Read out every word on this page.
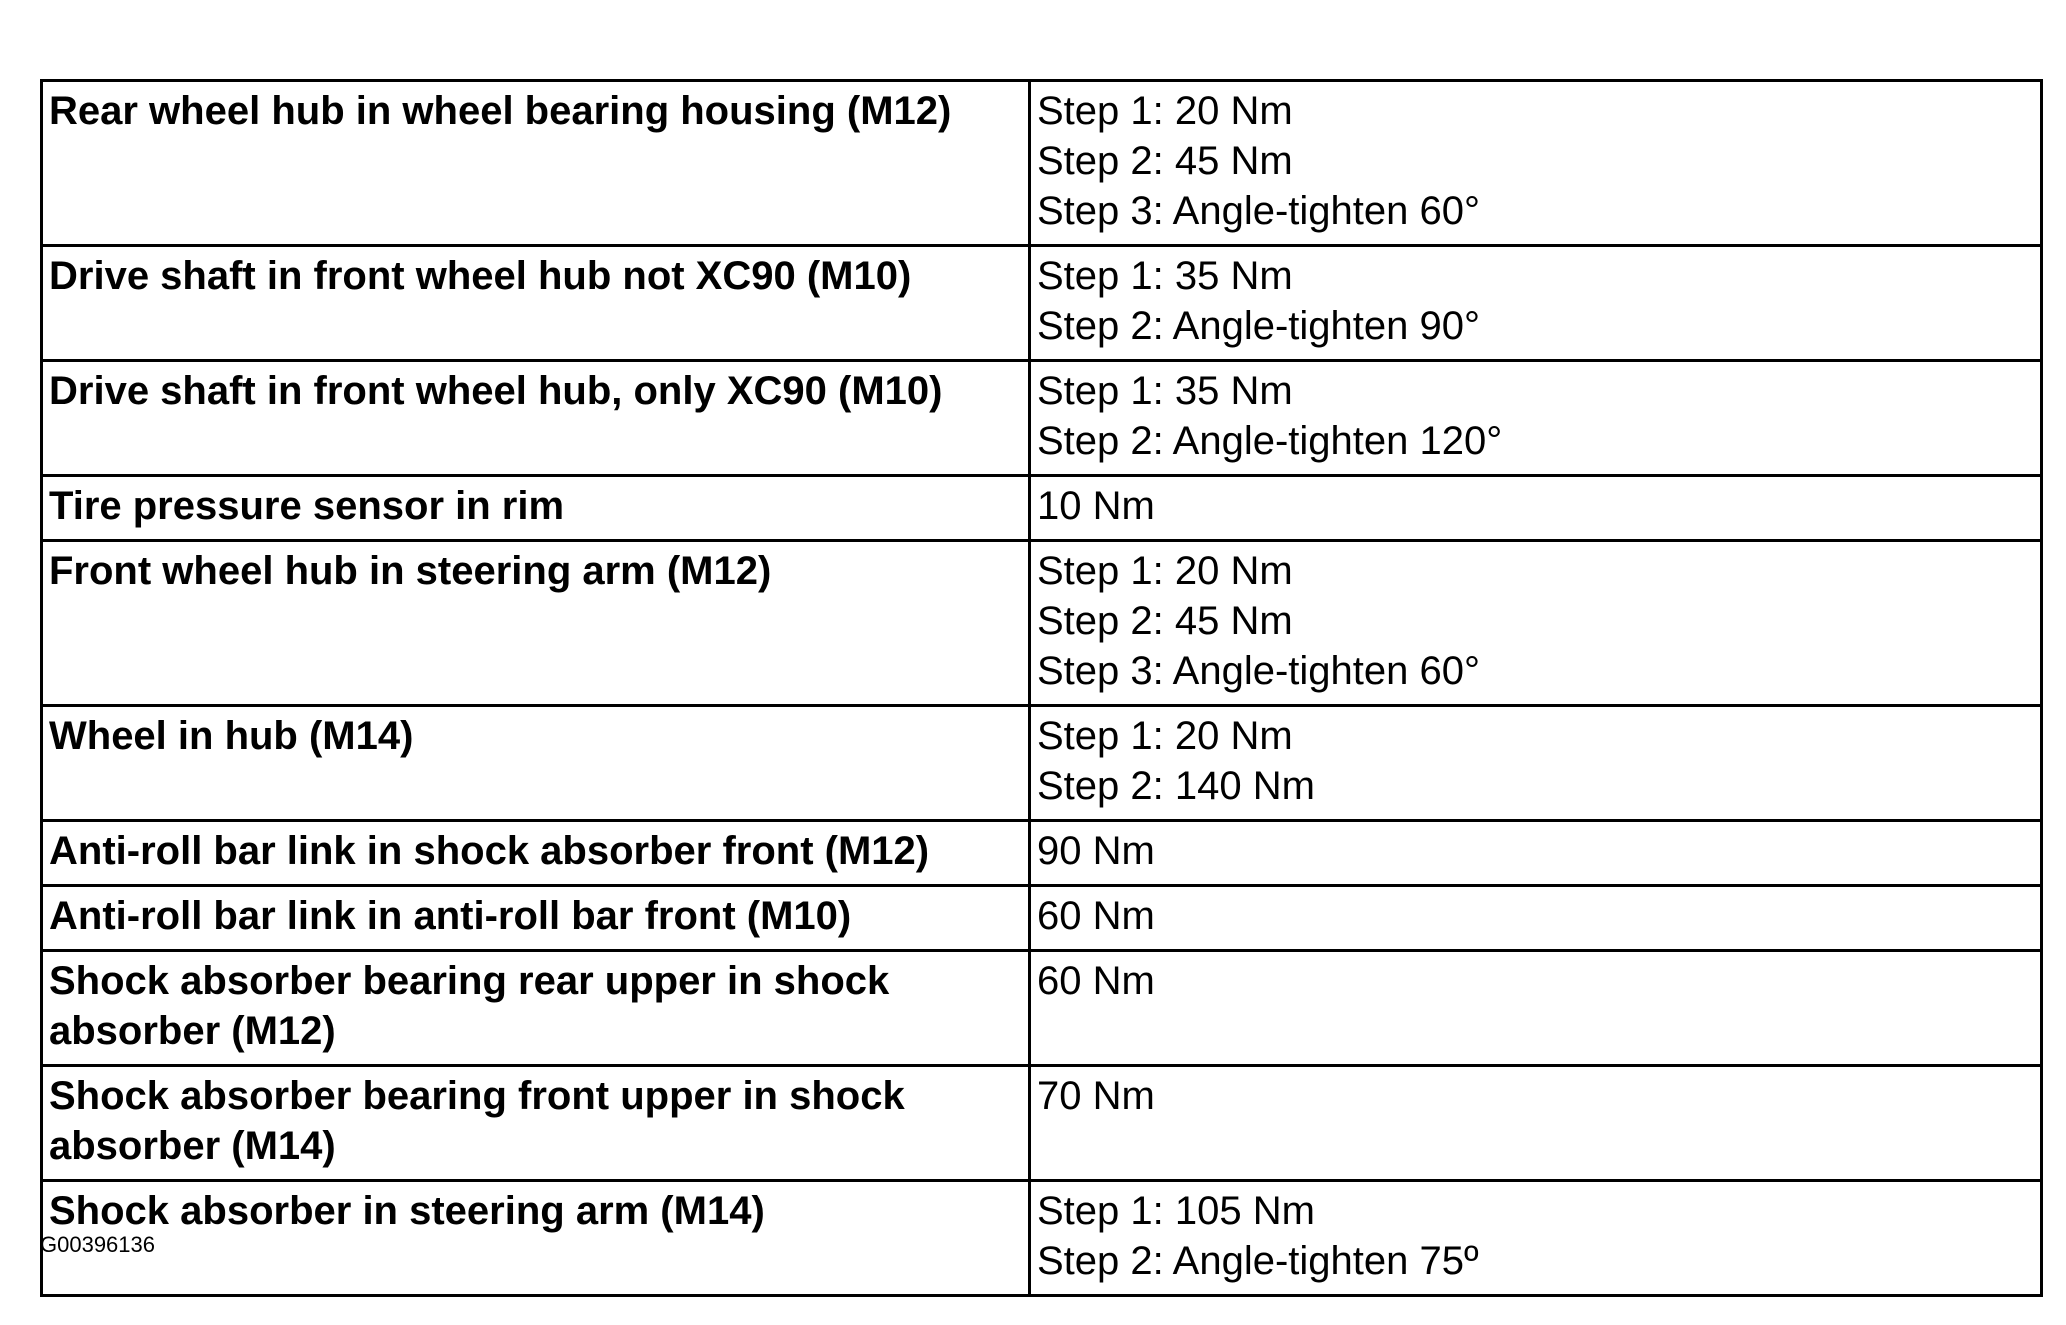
Rear wheel hub in wheel bearing housing (M12)	Step 1: 20 Nm
Step 2: 45 Nm
Step 3: Angle-tighten 60°

Drive shaft in front wheel hub not XC90 (M10)	Step 1: 35 Nm
Step 2: Angle-tighten 90°

Drive shaft in front wheel hub, only XC90 (M10)	Step 1: 35 Nm
Step 2: Angle-tighten 120°

Tire pressure sensor in rim	10 Nm

Front wheel hub in steering arm (M12)	Step 1: 20 Nm
Step 2: 45 Nm
Step 3: Angle-tighten 60°

Wheel in hub (M14)	Step 1: 20 Nm
Step 2: 140 Nm

Anti-roll bar link in shock absorber front (M12)	90 Nm

Anti-roll bar link in anti-roll bar front (M10)	60 Nm

Shock absorber bearing rear upper in shock absorber (M12)	60 Nm

Shock absorber bearing front upper in shock absorber (M14)	70 Nm

Shock absorber in steering arm (M14)	Step 1: 105 Nm
Step 2: Angle-tighten 75º
G00396136
